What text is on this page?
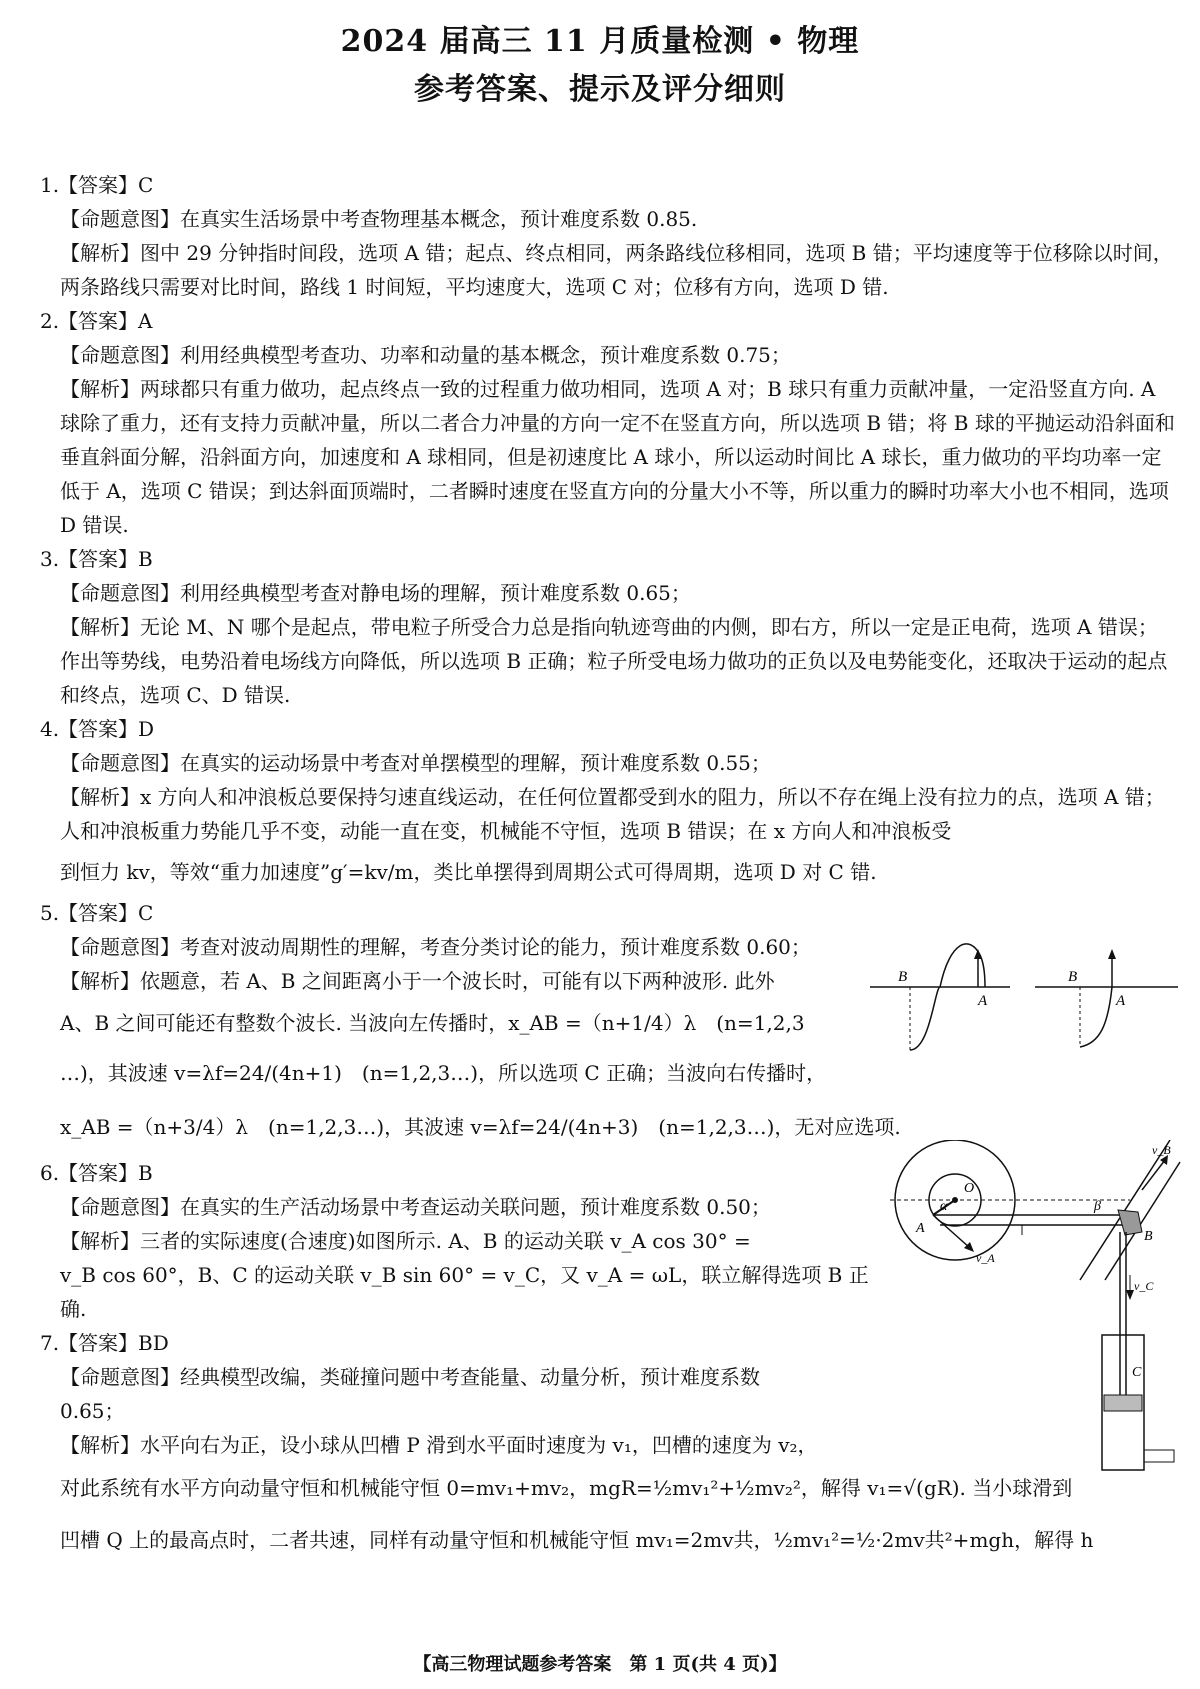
2024 届高三 11 月质量检测 • 物理
参考答案、提示及评分细则

1.【答案】C

【命题意图】在真实生活场景中考查物理基本概念，预计难度系数 0.85.

【解析】图中 29 分钟指时间段，选项 A 错；起点、终点相同，两条路线位移相同，选项 B 错；平均速度等于位移除以时间，两条路线只需要对比时间，路线 1 时间短，平均速度大，选项 C 对；位移有方向，选项 D 错.

2.【答案】A

【命题意图】利用经典模型考查功、功率和动量的基本概念，预计难度系数 0.75；

【解析】两球都只有重力做功，起点终点一致的过程重力做功相同，选项 A 对；B 球只有重力贡献冲量，一定沿竖直方向. A 球除了重力，还有支持力贡献冲量，所以二者合力冲量的方向一定不在竖直方向，所以选项 B 错；将 B 球的平抛运动沿斜面和垂直斜面分解，沿斜面方向，加速度和 A 球相同，但是初速度比 A 球小，所以运动时间比 A 球长，重力做功的平均功率一定低于 A，选项 C 错误；到达斜面顶端时，二者瞬时速度在竖直方向的分量大小不等，所以重力的瞬时功率大小也不相同，选项 D 错误.

3.【答案】B

【命题意图】利用经典模型考查对静电场的理解，预计难度系数 0.65；

【解析】无论 M、N 哪个是起点，带电粒子所受合力总是指向轨迹弯曲的内侧，即右方，所以一定是正电荷，选项 A 错误；作出等势线，电势沿着电场线方向降低，所以选项 B 正确；粒子所受电场力做功的正负以及电势能变化，还取决于运动的起点和终点，选项 C、D 错误.

4.【答案】D

【命题意图】在真实的运动场景中考查对单摆模型的理解，预计难度系数 0.55；

【解析】x 方向人和冲浪板总要保持匀速直线运动，在任何位置都受到水的阻力，所以不存在绳上没有拉力的点，选项 A 错；人和冲浪板重力势能几乎不变，动能一直在变，机械能不守恒，选项 B 错误；在 x 方向人和冲浪板受

到恒力 kv，等效“重力加速度”g′=kv/m，类比单摆得到周期公式可得周期，选项 D 对 C 错.

5.【答案】C

【命题意图】考查对波动周期性的理解，考查分类讨论的能力，预计难度系数 0.60；

【解析】依题意，若 A、B 之间距离小于一个波长时，可能有以下两种波形. 此外

A、B 之间可能还有整数个波长. 当波向左传播时，x_AB =（n+1/4）λ　(n=1,2,3

…)，其波速 v=λf=24/(4n+1)　(n=1,2,3…)，所以选项 C 正确；当波向右传播时，

x_AB =（n+3/4）λ　(n=1,2,3…)，其波速 v=λf=24/(4n+3)　(n=1,2,3…)，无对应选项.

6.【答案】B

【命题意图】在真实的生产活动场景中考查运动关联问题，预计难度系数 0.50；

【解析】三者的实际速度(合速度)如图所示. A、B 的运动关联 v_A cos 30° =

v_B cos 60°，B、C 的运动关联 v_B sin 60° = v_C，又 v_A = ωL，联立解得选项 B 正确.

7.【答案】BD

【命题意图】经典模型改编，类碰撞问题中考查能量、动量分析，预计难度系数

0.65；

【解析】水平向右为正，设小球从凹槽 P 滑到水平面时速度为 v₁，凹槽的速度为 v₂，

对此系统有水平方向动量守恒和机械能守恒 0=mv₁+mv₂，mgR=½mv₁²+½mv₂²，解得 v₁=√(gR). 当小球滑到

凹槽 Q 上的最高点时，二者共速，同样有动量守恒和机械能守恒 mv₁=2mv共，½mv₁²=½·2mv共²+mgh，解得 h

B
A
B
A
O
α
A
v_A
β
B
v_B
v_C
C
【高三物理试题参考答案　第 1 页(共 4 页)】
